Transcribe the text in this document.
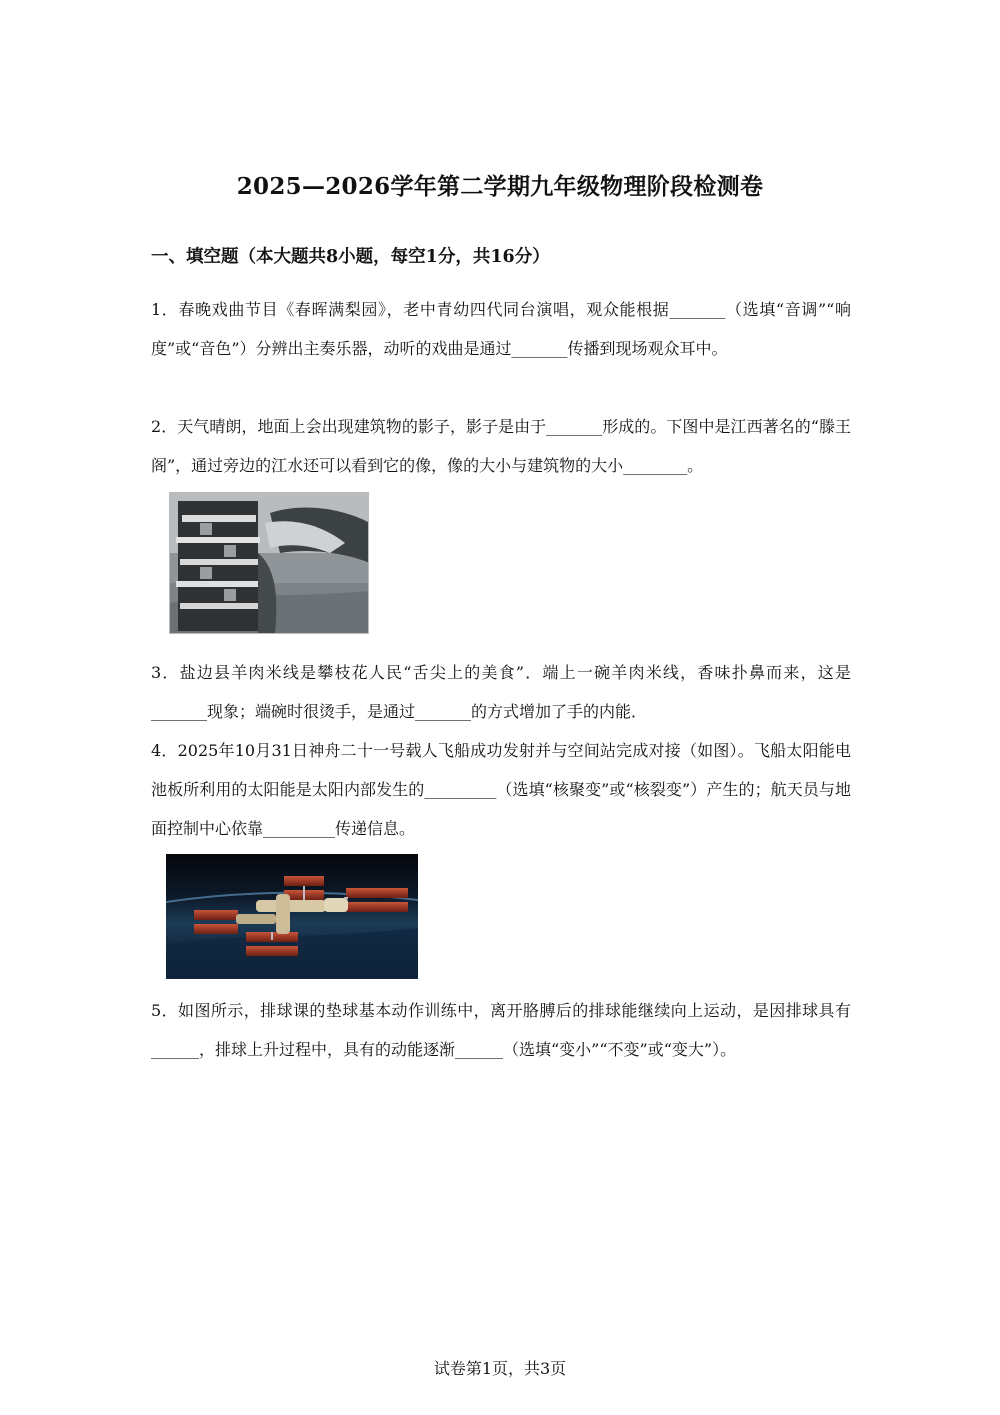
2025—2026学年第二学期九年级物理阶段检测卷
一、填空题（本大题共8小题，每空1分，共16分）
1．春晚戏曲节目《春晖满梨园》，老中青幼四代同台演唱，观众能根据_______（选填“音调”“响度”或“音色”）分辨出主奏乐器，动听的戏曲是通过_______传播到现场观众耳中。
2．天气晴朗，地面上会出现建筑物的影子，影子是由于_______形成的。下图中是江西著名的“滕王阁”，通过旁边的江水还可以看到它的像，像的大小与建筑物的大小________。
3．盐边县羊肉米线是攀枝花人民“舌尖上的美食”．端上一碗羊肉米线，香味扑鼻而来，这是_______现象；端碗时很烫手，是通过_______的方式增加了手的内能．
4．2025年10月31日神舟二十一号载人飞船成功发射并与空间站完成对接（如图）。飞船太阳能电池板所利用的太阳能是太阳内部发生的_________（选填“核聚变”或“核裂变”）产生的；航天员与地面控制中心依靠_________传递信息。
5．如图所示，排球课的垫球基本动作训练中，离开胳膊后的排球能继续向上运动，是因排球具有______，排球上升过程中，具有的动能逐渐______（选填“变小”“不变”或“变大”）。
试卷第1页，共3页
